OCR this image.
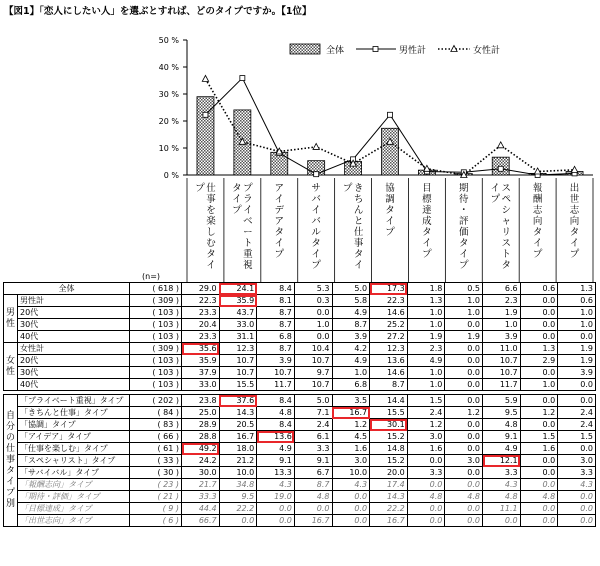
【図1】「恋人にしたい人」を選ぶとすれば、どのタイプですか。【1位】
50 %
40 %
30 %
20 %
10 %
0 %
全体	男性計	女性計
仕
事
を
楽
し
む
タ
イ
プ	プ
ラ
イ
ベ
ー
ト
重
視
タ
イ
プ
ア
イ
デ
ア
タ
イ
プ
サ
バ
イ
バ
ル
タ
イ
プ
き
ち
ん
と
仕
事
タ
イ
プ	協
調
タ
イ
プ
目
標
達
成
タ
イ
プ
期
待
・
評
価
タ
イ
プ
ス
ペ
シ
ャ
リ
ス
ト
タ
イ
プ
報
酬
志
向
タ
イ
プ
出
世
志
向
タ
イ
プ
(n=)
全体		( 618 )	29.0	24.1	8.4	5.3	5.0	17.3	1.8	0.5	6.6	0.6	1.3
男性	男性計	( 309 )	22.3	35.9	8.1	0.3	5.8	22.3	1.3	1.0	2.3	0.0	0.6
	20代	( 103 )	23.3	43.7	8.7	0.0	4.9	14.6	1.0	1.0	1.9	0.0	1.0
	30代	( 103 )	20.4	33.0	8.7	1.0	8.7	25.2	1.0	0.0	1.0	0.0	1.0
	40代	( 103 )	23.3	31.1	6.8	0.0	3.9	27.2	1.9	1.9	3.9	0.0	0.0
女性	女性計	( 309 )	35.6	12.3	8.7	10.4	4.2	12.3	2.3	0.0	11.0	1.3	1.9
	20代	( 103 )	35.9	10.7	3.9	10.7	4.9	13.6	4.9	0.0	10.7	2.9	1.9
	30代	( 103 )	37.9	10.7	10.7	9.7	1.0	14.6	1.0	0.0	10.7	0.0	3.9
	40代	( 103 )	33.0	15.5	11.7	10.7	6.8	8.7	1.0	0.0	11.7	1.0	0.0

自分の仕事タイプ別	「プライベート重視」タイプ	( 202 )	23.8	37.6	8.4	5.0	3.5	14.4	1.5	0.0	5.9	0.0	0.0
	「きちんと仕事」タイプ	( 84 )	25.0	14.3	4.8	7.1	16.7	15.5	2.4	1.2	9.5	1.2	2.4
	「協調」タイプ	( 83 )	28.9	20.5	8.4	2.4	1.2	30.1	1.2	0.0	4.8	0.0	2.4
	「アイデア」タイプ	( 66 )	28.8	16.7	13.6	6.1	4.5	15.2	3.0	0.0	9.1	1.5	1.5
	「仕事を楽しむ」タイプ	( 61 )	49.2	18.0	4.9	3.3	1.6	14.8	1.6	0.0	4.9	1.6	0.0
	「スペシャリスト」タイプ	( 33 )	24.2	21.2	9.1	9.1	3.0	15.2	0.0	3.0	12.1	0.0	3.0
	「サバイバル」タイプ	( 30 )	30.0	10.0	13.3	6.7	10.0	20.0	3.3	0.0	3.3	0.0	3.3
	「報酬志向」タイプ	( 23 )	21.7	34.8	4.3	8.7	4.3	17.4	0.0	0.0	4.3	0.0	4.3
	「期待・評価」タイプ	( 21 )	33.3	9.5	19.0	4.8	0.0	14.3	4.8	4.8	4.8	4.8	0.0
	「目標達成」タイプ	( 9 )	44.4	22.2	0.0	0.0	0.0	22.2	0.0	0.0	11.1	0.0	0.0
	「出世志向」タイプ	( 6 )	66.7	0.0	0.0	16.7	0.0	16.7	0.0	0.0	0.0	0.0	0.0
